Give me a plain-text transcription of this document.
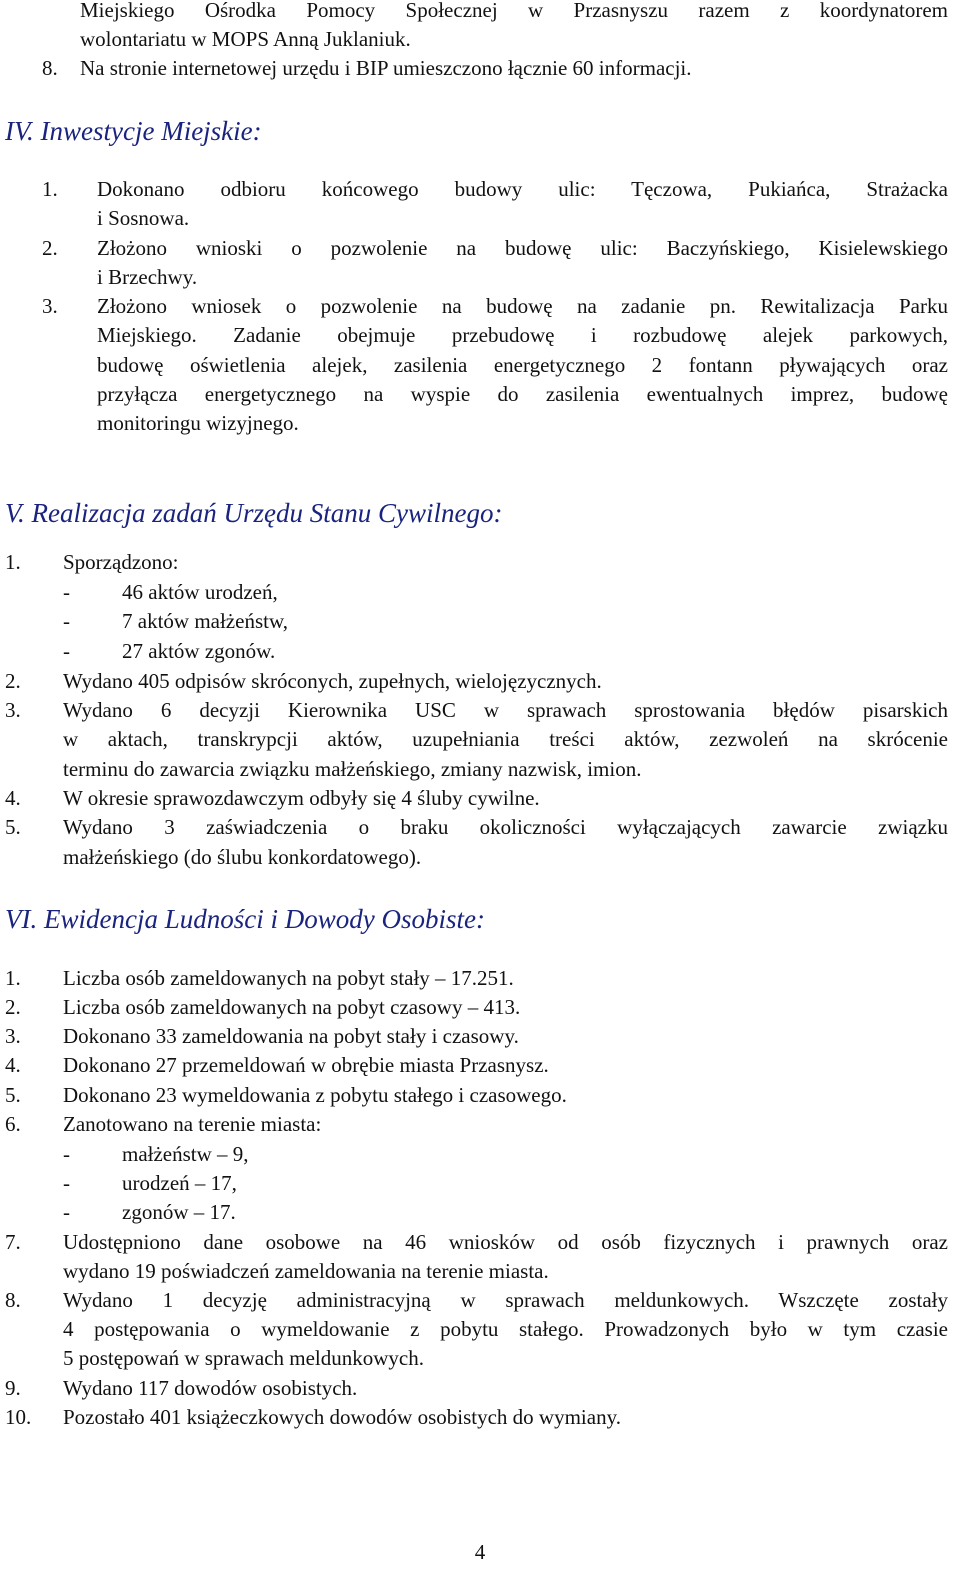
Miejskiego Ośrodka Pomocy Społecznej w Przasnyszu razem z koordynatorem
wolontariatu w MOPS Anną Juklaniuk.
8. Na stronie internetowej urzędu i BIP umieszczono łącznie 60 informacji.
IV. Inwestycje Miejskie:
1. Dokonano odbioru końcowego budowy ulic: Tęczowa, Pukiańca, Strażacka
i Sosnowa.
2. Złożono wnioski o pozwolenie na budowę ulic: Baczyńskiego, Kisielewskiego
i Brzechwy.
3. Złożono wniosek o pozwolenie na budowę na zadanie pn. Rewitalizacja Parku
Miejskiego. Zadanie obejmuje przebudowę i rozbudowę alejek parkowych,
budowę oświetlenia alejek, zasilenia energetycznego 2 fontann pływających oraz
przyłącza energetycznego na wyspie do zasilenia ewentualnych imprez, budowę
monitoringu wizyjnego.
V. Realizacja zadań Urzędu Stanu Cywilnego:
1. Sporządzono:
- 46 aktów urodzeń,
- 7 aktów małżeństw,
- 27 aktów zgonów.
2. Wydano 405 odpisów skróconych, zupełnych, wielojęzycznych.
3. Wydano 6 decyzji Kierownika USC w sprawach sprostowania błędów pisarskich
w aktach, transkrypcji aktów, uzupełniania treści aktów, zezwoleń na skrócenie
terminu do zawarcia związku małżeńskiego, zmiany nazwisk, imion.
4. W okresie sprawozdawczym odbyły się 4 śluby cywilne.
5. Wydano 3 zaświadczenia o braku okoliczności wyłączających zawarcie związku
małżeńskiego (do ślubu konkordatowego).
VI. Ewidencja Ludności i Dowody Osobiste:
1. Liczba osób zameldowanych na pobyt stały – 17.251.
2. Liczba osób zameldowanych na pobyt czasowy – 413.
3. Dokonano 33 zameldowania na pobyt stały i czasowy.
4. Dokonano 27 przemeldowań w obrębie miasta Przasnysz.
5. Dokonano 23 wymeldowania z pobytu stałego i czasowego.
6. Zanotowano na terenie miasta:
- małżeństw – 9,
- urodzeń – 17,
- zgonów – 17.
7. Udostępniono dane osobowe na 46 wniosków od osób fizycznych i prawnych oraz
wydano 19 poświadczeń zameldowania na terenie miasta.
8. Wydano 1 decyzję administracyjną w sprawach meldunkowych. Wszczęte zostały
4 postępowania o wymeldowanie z pobytu stałego. Prowadzonych było w tym czasie
5 postępowań w sprawach meldunkowych.
9. Wydano 117 dowodów osobistych.
10. Pozostało 401 książeczkowych dowodów osobistych do wymiany.
4
